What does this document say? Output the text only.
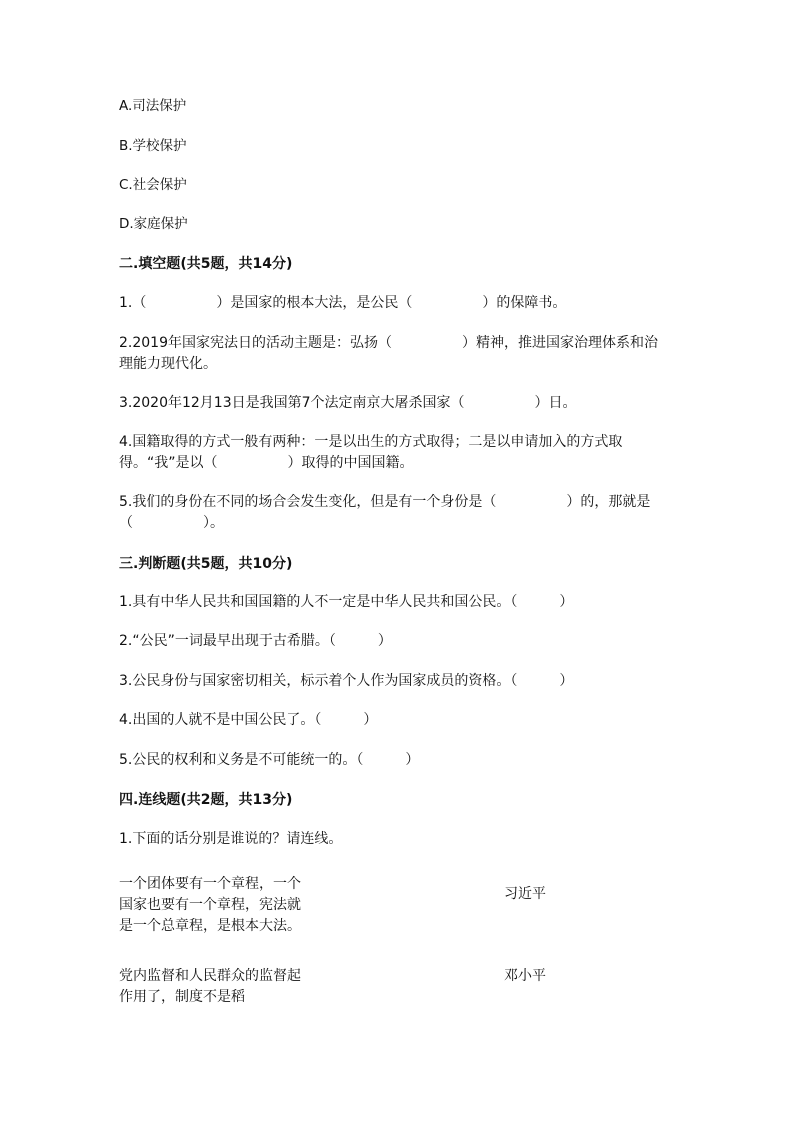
A.司法保护
B.学校保护
C.社会保护
D.家庭保护
二.填空题(共5题，共14分)
1.（　　　　　）是国家的根本大法，是公民（　　　　　）的保障书。
2.2019年国家宪法日的活动主题是：弘扬（　　　　　）精神，推进国家治理体系和治理能力现代化。
3.2020年12月13日是我国第7个法定南京大屠杀国家（　　　　　）日。
4.国籍取得的方式一般有两种：一是以出生的方式取得；二是以申请加入的方式取得。“我”是以（　　　　　）取得的中国国籍。
5.我们的身份在不同的场合会发生变化，但是有一个身份是（　　　　　）的，那就是（　　　　　）。
三.判断题(共5题，共10分)
1.具有中华人民共和国国籍的人不一定是中华人民共和国公民。（　　　）
2.“公民”一词最早出现于古希腊。（　　　）
3.公民身份与国家密切相关，标示着个人作为国家成员的资格。（　　　）
4.出国的人就不是中国公民了。（　　　）
5.公民的权利和义务是不可能统一的。（　　　）
四.连线题(共2题，共13分)
1.下面的话分别是谁说的？请连线。
一个团体要有一个章程，一个国家也要有一个章程，宪法就是一个总章程，是根本大法。
习近平
党内监督和人民群众的监督起作用了，制度不是稻
邓小平
